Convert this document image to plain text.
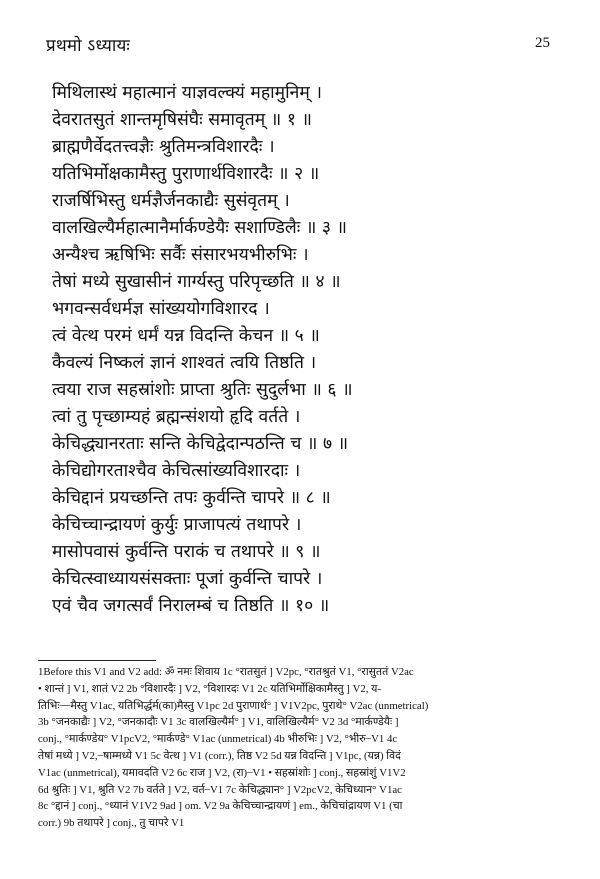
प्रथमो ऽध्यायः	25
मिथिलास्थं महात्मानं याज्ञवल्क्यं महामुनिम् ।
देवरातसुतं शान्तमृषिसंघैः समावृतम् ॥ १ ॥
ब्राह्मणैर्वेदतत्त्वज्ञैः श्रुतिमन्त्रविशारदैः ।
यतिभिर्मोक्षकामैस्तु पुराणार्थविशारदैः ॥ २ ॥
राजर्षिभिस्तु धर्मज्ञैर्जनकाद्यैः सुसंवृतम् ।
वालखिल्यैर्महात्मानैर्मार्कण्डेयैः सशाण्डिलैः ॥ ३ ॥
अन्यैश्च ऋषिभिः सर्वैः संसारभयभीरुभिः ।
तेषां मध्ये सुखासीनं गार्ग्यस्तु परिपृच्छति ॥ ४ ॥
भगवन्सर्वधर्मज्ञ सांख्ययोगविशारद ।
त्वं वेत्थ परमं धर्मं यन्न विदन्ति केचन ॥ ५ ॥
कैवल्यं निष्कलं ज्ञानं शाश्वतं त्वयि तिष्ठति ।
त्वया राज सहस्रांशोः प्राप्ता श्रुतिः सुदुर्लभा ॥ ६ ॥
त्वां तु पृच्छाम्यहं ब्रह्मन्संशयो हृदि वर्तते ।
केचिद्ध्यानरताः सन्ति केचिद्वेदान्पठन्ति च ॥ ७ ॥
केचिद्योगरताश्चैव केचित्सांख्यविशारदाः ।
केचिद्दानं प्रयच्छन्ति तपः कुर्वन्ति चापरे ॥ ८ ॥
केचिच्चान्द्रायणं कुर्युः प्राजापत्यं तथापरे ।
मासोपवासं कुर्वन्ति पराकं च तथापरे ॥ ९ ॥
केचित्स्वाध्यायसंसक्ताः पूजां कुर्वन्ति चापरे ।
एवं चैव जगत्सर्वं निरालम्बं च तिष्ठति ॥ १० ॥
1Before this V1 and V2 add: ॐ नमः शिवाय 1c °रातसुतं ] V2pc, °रातश्रुतं V1, °रासुततं V2ac
• शान्तं ] V1, शातं V2 2b °विशारदैः ] V2, °विशारदः V1 2c यतिभिर्मोक्षिकामैस्तु ] V2, य-
तिभिः ̶ ̶ ̶ मैस्तु V1ac, यतिभिर्द्धर्म(का)मैस्तु V1pc 2d पुराणार्थ° ] V1V2pc, पुराथे° V2ac (unmetrical)
3b °जनकाद्यैः ] V2, °जनकादौः V1 3c वालखिल्यैर्म° ] V1, वालिखिल्यैर्म° V2 3d °मार्कण्डेयैः ]
conj., °मार्कण्डेय° V1pcV2, °मार्कण्डे° V1ac (unmetrical) 4b भीरुभिः ] V2, °भीरु ̶ V1 4c
तेषां मध्ये ] V2, ̶ षाम्मध्ये V1 5c वेत्थ ] V1 (corr.), तिष्ठ V2 5d यन्न विदन्ति ] V1pc, (यन्न) विदं
V1ac (unmetrical), यमावदति V2 6c राज ] V2, (रा) ̶ V1 • सहस्रांशोः ] conj., सहस्रांशुं V1V2
6d श्रुतिः ] V1, श्रुति V2 7b वर्तते ] V2, वर्त ̶ V1 7c केचिद्ध्यान° ] V2pcV2, केचिध्यान° V1ac
8c °द्दानं ] conj., °ध्यानं V1V2 9ad ] om. V2 9a केचिच्चान्द्रायणं ] em., केचिचांद्रायण V1 (चा
corr.) 9b तथापरे ] conj., तु चापरे V1
